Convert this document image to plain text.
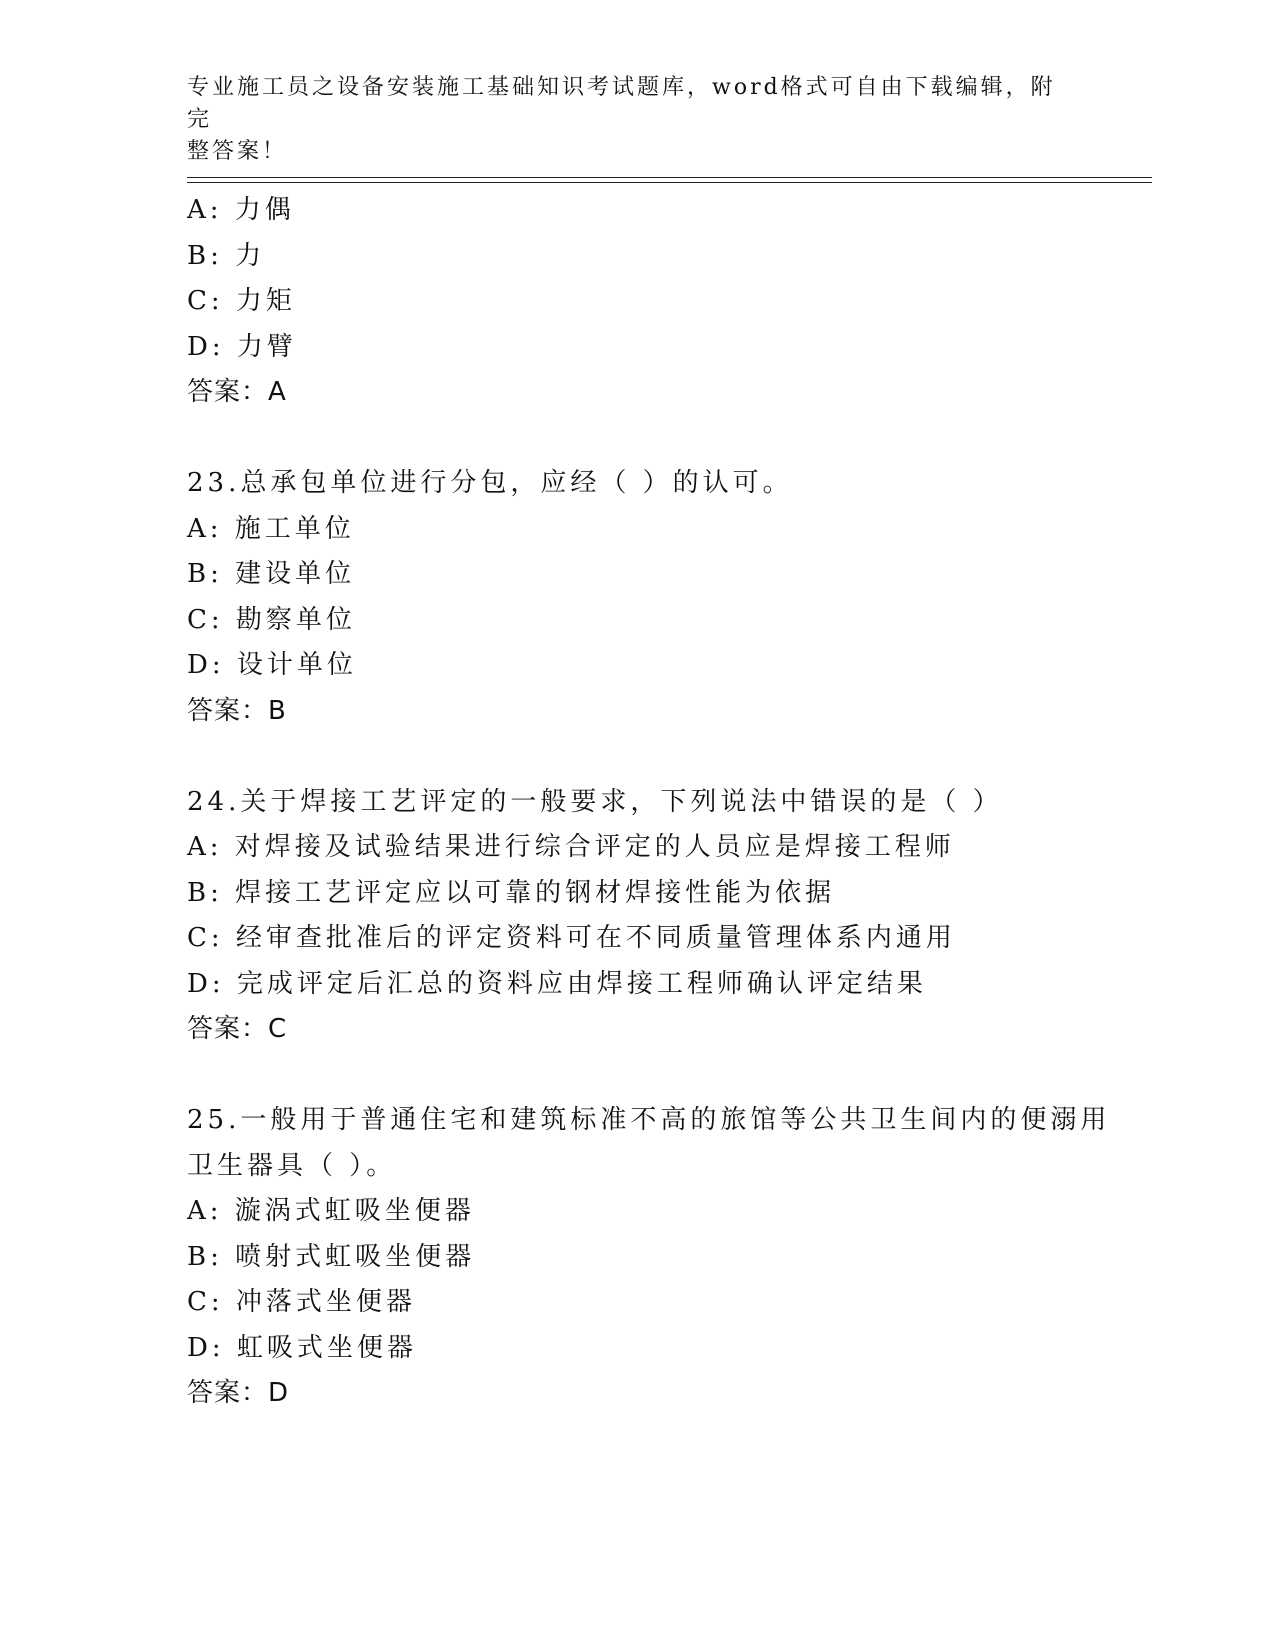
专业施工员之设备安装施工基础知识考试题库，word格式可自由下载编辑，附完
整答案！
A: 力偶
B: 力
C: 力矩
D: 力臂
答案：A
23.总承包单位进行分包，应经（ ）的认可。
A: 施工单位
B: 建设单位
C: 勘察单位
D: 设计单位
答案：B
24.关于焊接工艺评定的一般要求，下列说法中错误的是（ ）
A: 对焊接及试验结果进行综合评定的人员应是焊接工程师
B: 焊接工艺评定应以可靠的钢材焊接性能为依据
C: 经审查批准后的评定资料可在不同质量管理体系内通用
D: 完成评定后汇总的资料应由焊接工程师确认评定结果
答案：C
25.一般用于普通住宅和建筑标准不高的旅馆等公共卫生间内的便溺用
卫生器具（ ）。
A: 漩涡式虹吸坐便器
B: 喷射式虹吸坐便器
C: 冲落式坐便器
D: 虹吸式坐便器
答案：D
